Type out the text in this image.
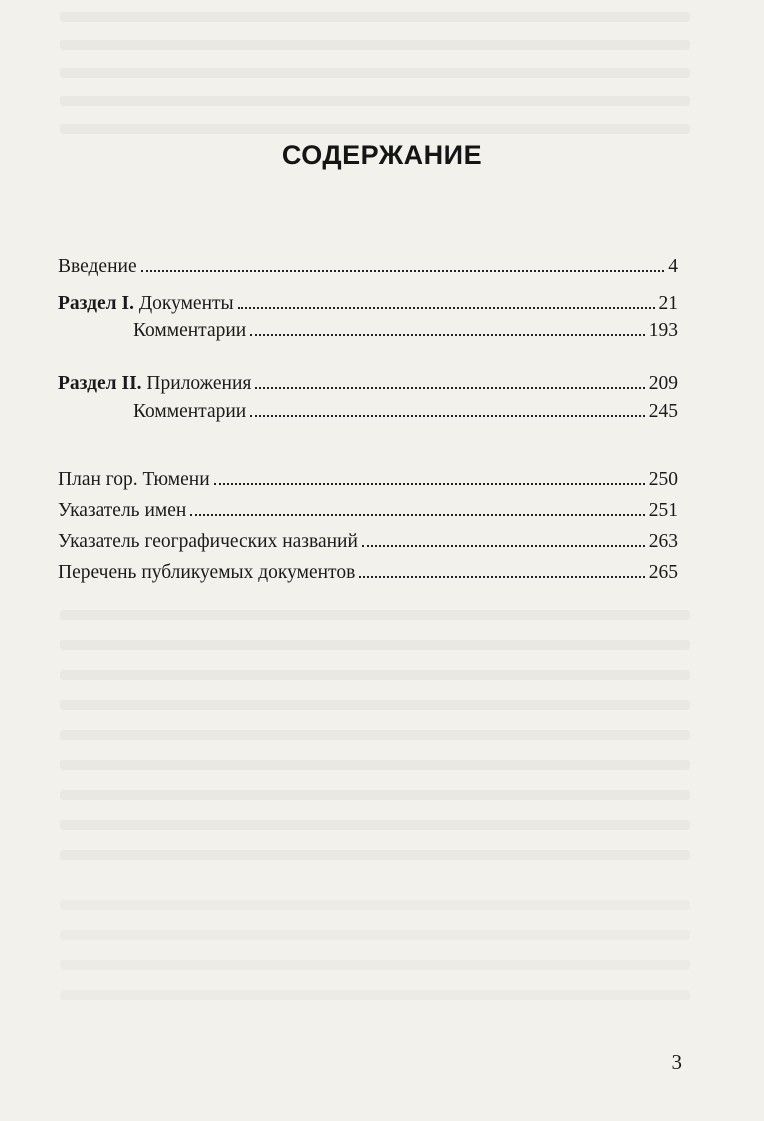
СОДЕРЖАНИЕ
Введение	4
Раздел I. Документы	21
Комментарии	193
Раздел II. Приложения	209
Комментарии	245
План гор. Тюмени	250
Указатель имен	251
Указатель географических названий	263
Перечень публикуемых документов	265
3
